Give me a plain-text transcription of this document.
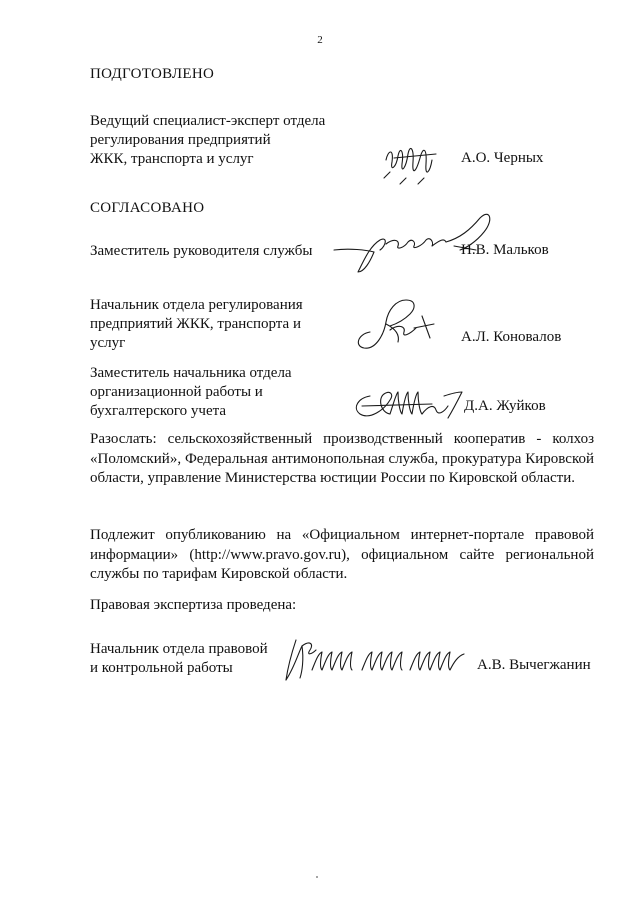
2
ПОДГОТОВЛЕНО
Ведущий специалист-эксперт отдела
регулирования предприятий
ЖКК, транспорта и услуг	А.О. Черных
СОГЛАСОВАНО
Заместитель руководителя службы	Н.В. Мальков
Начальник отдела регулирования
предприятий ЖКК, транспорта и
услуг	А.Л. Коновалов
Заместитель начальника отдела
организационной работы и
бухгалтерского учета	Д.А. Жуйков
Разослать: сельскохозяйственный производственный кооператив - колхоз «Поломский», Федеральная антимонопольная служба, прокуратура Кировской области, управление Министерства юстиции России по Кировской области.
Подлежит опубликованию на «Официальном интернет-портале правовой информации» (http://www.pravo.gov.ru), официальном сайте региональной службы по тарифам Кировской области.
Правовая экспертиза проведена:
Начальник отдела правовой
и контрольной работы	А.В. Вычегжанин
